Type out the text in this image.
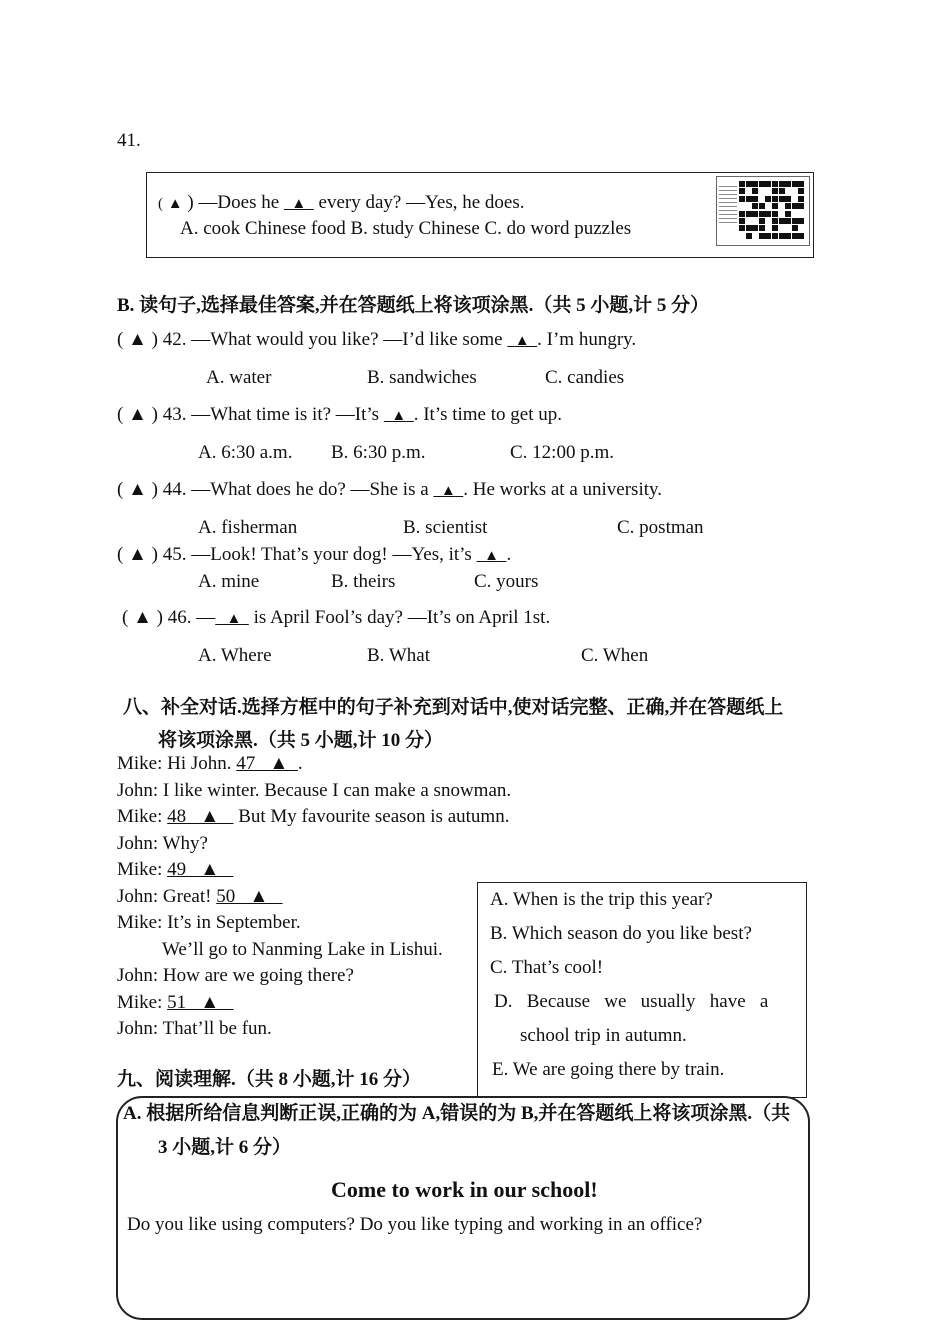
41.
( ▲ ) —Does he ▲ every day? —Yes, he does.
A. cook Chinese food B. study Chinese C. do word puzzles
B. 读句子,选择最佳答案,并在答题纸上将该项涂黑.（共 5 小题,计 5 分）
( ▲ ) 42. —What would you like? —I’d like some ▲ . I’m hungry.
A. water	B. sandwiches	C. candies
( ▲ ) 43. —What time is it? —It’s ▲ . It’s time to get up.
A. 6:30 a.m. B. 6:30 p.m.	C. 12:00 p.m.
( ▲ ) 44. —What does he do? —She is a ▲ . He works at a university.
A. fisherman	B. scientist	C. postman
( ▲ ) 45. —Look! That’s your dog! —Yes, it’s ▲ .
A. mine	B. theirs	C. yours
( ▲ ) 46. — ▲ is April Fool’s day? —It’s on April 1st.
A. Where	B. What	C. When
八、补全对话.选择方框中的句子补充到对话中,使对话完整、正确,并在答题纸上
将该项涂黑.（共 5 小题,计 10 分）
Mike: Hi John. 47   ▲  .
John: I like winter. Because I can make a snowman.
Mike: 48   ▲    But My favourite season is autumn.
John: Why?
Mike: 49   ▲
John: Great! 50   ▲
Mike: It’s in September.
We’ll go to Nanming Lake in Lishui.
John: How are we going there?
Mike: 51   ▲
John: That’ll be fun.
A. When is the trip this year?
B. Which season do you like best?
C. That’s cool!
D.   Because   we   usually   have   a
school trip in autumn.
E. We are going there by train.
九、阅读理解.（共 8 小题,计 16 分）
A. 根据所给信息判断正误,正确的为 A,错误的为 B,并在答题纸上将该项涂黑.（共
3 小题,计 6 分）
Come to work in our school!
Do you like using computers? Do you like typing and working in an office?
